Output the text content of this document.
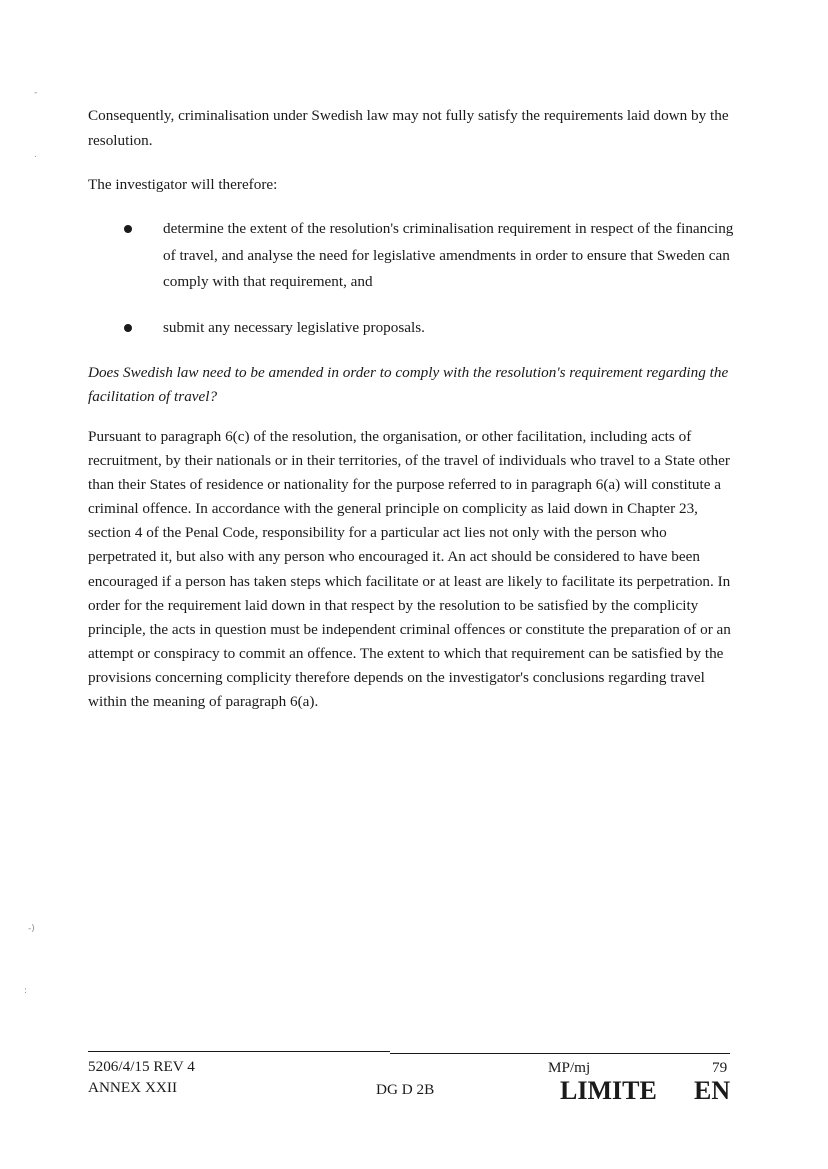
-
.
-)
:

Consequently, criminalisation under Swedish law may not fully satisfy the requirements laid down by the resolution.

The investigator will therefore:

determine the extent of the resolution's criminalisation requirement in respect of the financing of travel, and analyse the need for legislative amendments in order to ensure that Sweden can comply with that requirement, and

submit any necessary legislative proposals.

Does Swedish law need to be amended in order to comply with the resolution's requirement regarding the facilitation of travel?

Pursuant to paragraph 6(c) of the resolution, the organisation, or other facilitation, including acts of recruitment, by their nationals or in their territories, of the travel of individuals who travel to a State other than their States of residence or nationality for the purpose referred to in paragraph 6(a) will constitute a criminal offence. In accordance with the general principle on complicity as laid down in Chapter 23, section 4 of the Penal Code, responsibility for a particular act lies not only with the person who perpetrated it, but also with any person who encouraged it. An act should be considered to have been encouraged if a person has taken steps which facilitate or at least are likely to facilitate its perpetration. In order for the requirement laid down in that respect by the resolution to be satisfied by the complicity principle, the acts in question must be independent criminal offences or constitute the preparation of or an attempt or conspiracy to commit an offence. The extent to which that requirement can be satisfied by the provisions concerning complicity therefore depends on the investigator's conclusions regarding travel within the meaning of paragraph 6(a).

5206/4/15 REV 4
ANNEX XXII	DG D 2B
MP/mj	79
LIMITE EN
